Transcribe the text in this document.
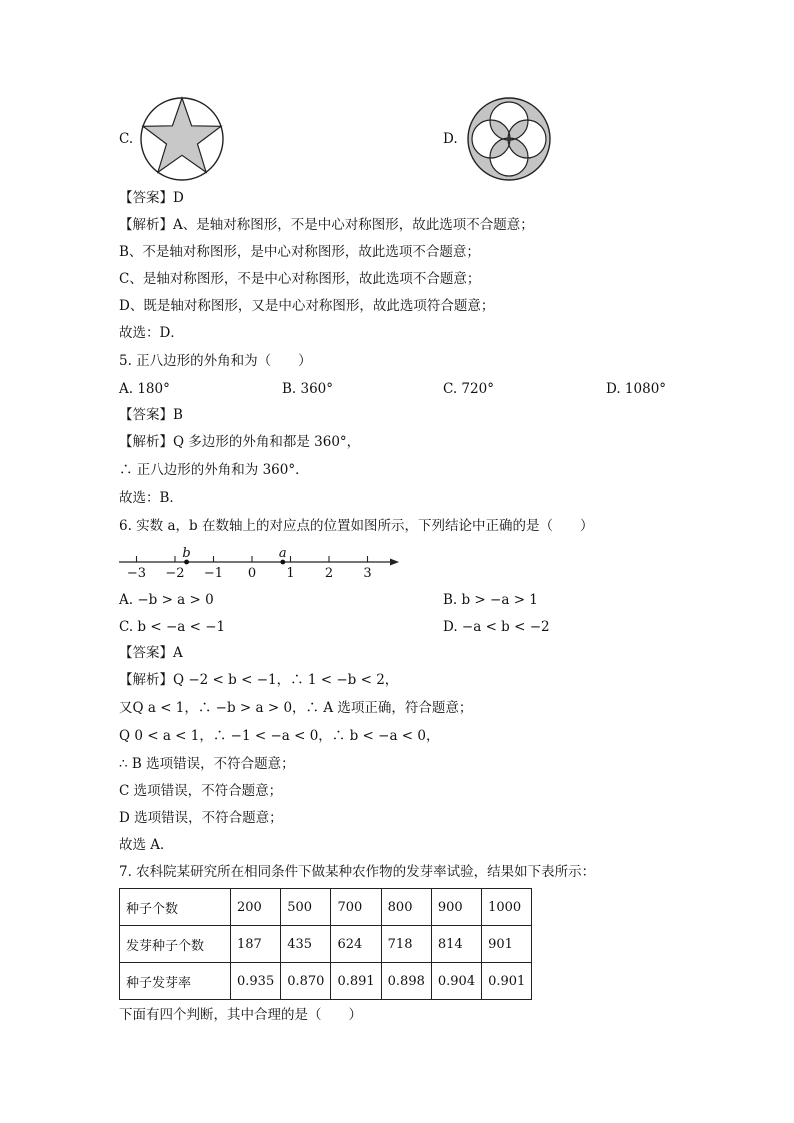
C.	D.
【答案】D
【解析】A、是轴对称图形，不是中心对称图形，故此选项不合题意；
B、不是轴对称图形，是中心对称图形，故此选项不合题意；
C、是轴对称图形，不是中心对称图形，故此选项不合题意；
D、既是轴对称图形，又是中心对称图形，故此选项符合题意；
故选：D．
5. 正八边形的外角和为（　　）
A. 180°	B. 360°	C. 720°	D. 1080°
【答案】B
【解析】Q 多边形的外角和都是 360°，
∴ 正八边形的外角和为 360°．
故选：B．
6. 实数 a，b 在数轴上的对应点的位置如图所示，下列结论中正确的是（　　）
−3 −2 −1 0 1 2 3
b	a
A. −b > a > 0	B. b > −a > 1
C. b < −a < −1	D. −a < b < −2
【答案】A
【解析】Q −2 < b < −1，∴ 1 < −b < 2，
又Q a < 1，∴ −b > a > 0，∴ A 选项正确，符合题意；
Q 0 < a < 1，∴ −1 < −a < 0，∴ b < −a < 0，
∴ B 选项错误，不符合题意；
C 选项错误，不符合题意；
D 选项错误，不符合题意；
故选 A．
7. 农科院某研究所在相同条件下做某种农作物的发芽率试验，结果如下表所示：
种子个数	200	500	700	800	900	1000
发芽种子个数	187	435	624	718	814	901
种子发芽率	0.935	0.870	0.891	0.898	0.904	0.901
下面有四个判断，其中合理的是（　　）
